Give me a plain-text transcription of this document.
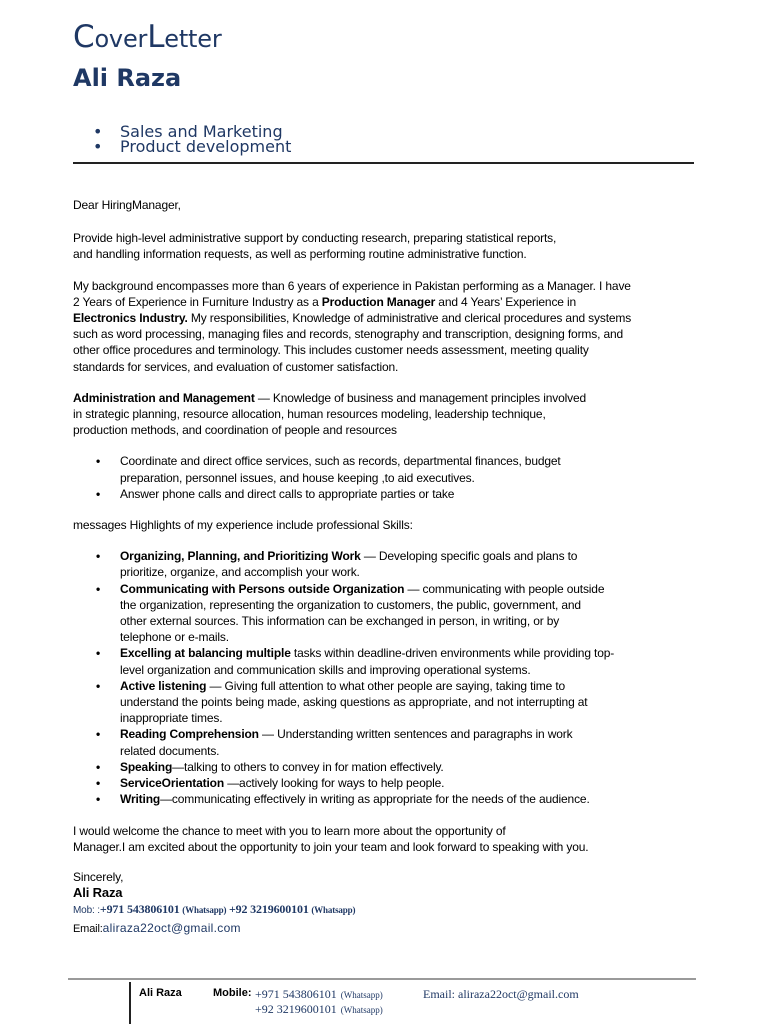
CoverLetter
Ali Raza
• Sales and Marketing
• Product development

Dear HiringManager,

Provide high-level administrative support by conducting research, preparing statistical reports,

and handling information requests, as well as performing routine administrative function.

My background encompasses more than 6 years of experience in Pakistan performing as a Manager. I have

2 Years of Experience in Furniture Industry as a Production Manager and 4 Years’ Experience in

Electronics Industry. My responsibilities, Knowledge of administrative and clerical procedures and systems

such as word processing, managing files and records, stenography and transcription, designing forms, and

other office procedures and terminology. This includes customer needs assessment, meeting quality

standards for services, and evaluation of customer satisfaction.

Administration and Management — Knowledge of business and management principles involved

in strategic planning, resource allocation, human resources modeling, leadership technique,

production methods, and coordination of people and resources

• Coordinate and direct office services, such as records, departmental finances, budget
preparation, personnel issues, and house keeping ,to aid executives.
• Answer phone calls and direct calls to appropriate parties or take

messages Highlights of my experience include professional Skills:

• Organizing, Planning, and Prioritizing Work — Developing specific goals and plans to
prioritize, organize, and accomplish your work.
• Communicating with Persons outside Organization — communicating with people outside
the organization, representing the organization to customers, the public, government, and
other external sources. This information can be exchanged in person, in writing, or by
telephone or e-mails.
• Excelling at balancing multiple tasks within deadline-driven environments while providing top-
level organization and communication skills and improving operational systems.
• Active listening — Giving full attention to what other people are saying, taking time to
understand the points being made, asking questions as appropriate, and not interrupting at
inappropriate times.
• Reading Comprehension — Understanding written sentences and paragraphs in work
related documents.
• Speaking—talking to others to convey in for mation effectively.
• ServiceOrientation —actively looking for ways to help people.
• Writing—communicating effectively in writing as appropriate for the needs of the audience.

I would welcome the chance to meet with you to learn more about the opportunity of

Manager.I am excited about the opportunity to join your team and look forward to speaking with you.

Sincerely,

Ali Raza

Mob: :+971 543806101 (Whatsapp) +92 3219600101 (Whatsapp)

Email:aliraza22oct@gmail.com

Ali Raza	Mobile: +971 543806101 (Whatsapp)
+92 3219600101 (Whatsapp)
Email: aliraza22oct@gmail.com
